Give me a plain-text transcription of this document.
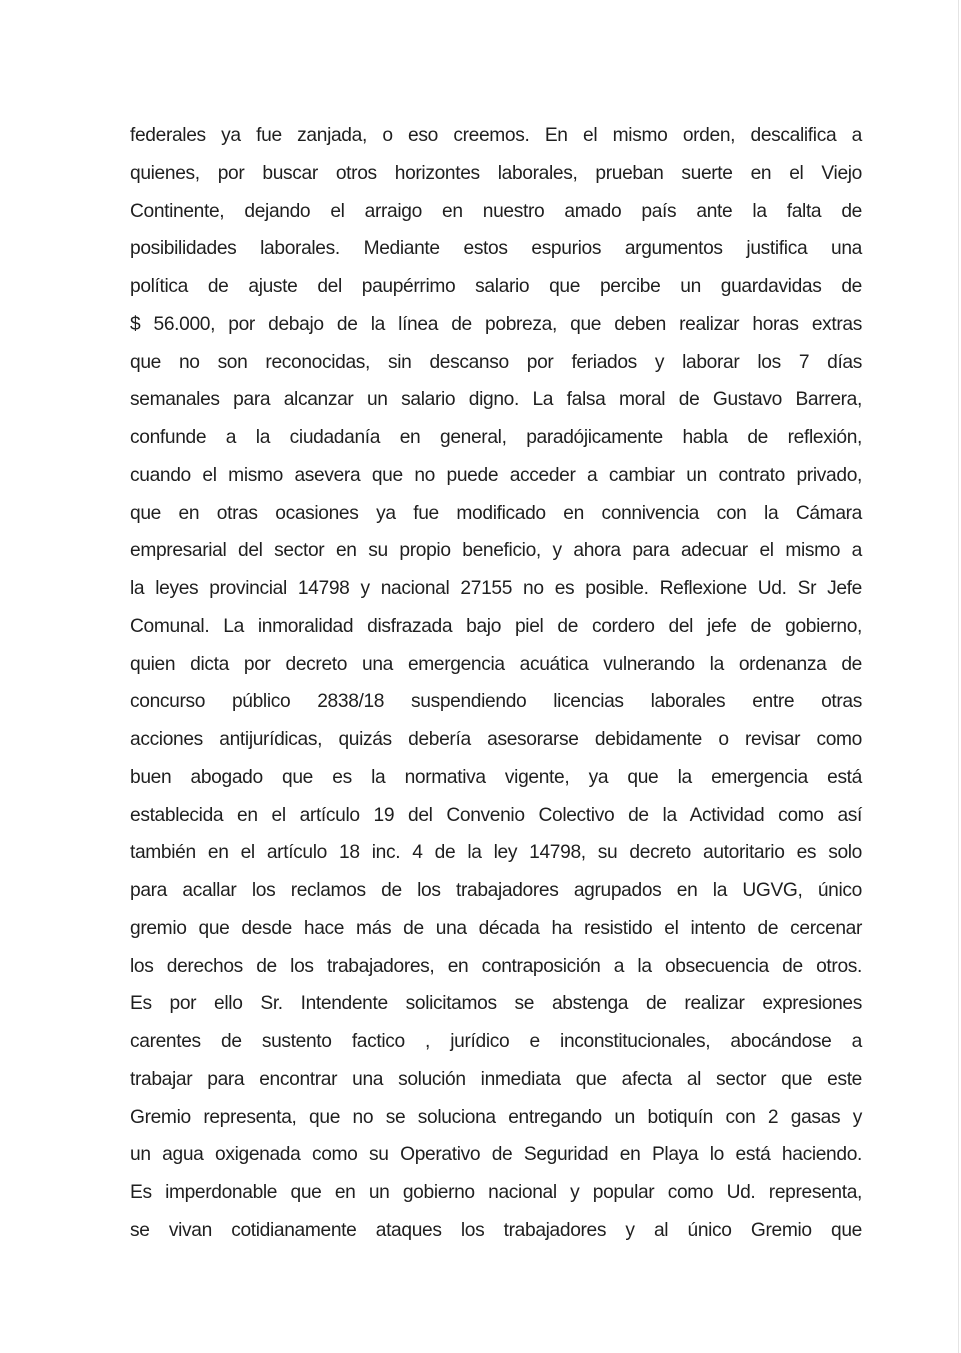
federales ya fue zanjada, o eso creemos. En el mismo orden, descalifica a
quienes, por buscar otros horizontes laborales, prueban suerte en el Viejo
Continente, dejando el arraigo en nuestro amado país ante la falta de
posibilidades laborales. Mediante estos espurios argumentos justifica una
política de ajuste del paupérrimo salario que percibe un guardavidas de
$ 56.000, por debajo de la línea de pobreza, que deben realizar horas extras
que no son reconocidas, sin descanso por feriados y laborar los 7 días
semanales para alcanzar un salario digno. La falsa moral de Gustavo Barrera,
confunde a la ciudadanía en general, paradójicamente habla de reflexión,
cuando el mismo asevera que no puede acceder a cambiar un contrato privado,
que en otras ocasiones ya fue modificado en connivencia con la Cámara
empresarial del sector en su propio beneficio, y ahora para adecuar el mismo a
la leyes provincial 14798 y nacional 27155 no es posible. Reflexione Ud. Sr Jefe
Comunal. La inmoralidad disfrazada bajo piel de cordero del jefe de gobierno,
quien dicta por decreto una emergencia acuática vulnerando la ordenanza de
concurso público 2838/18 suspendiendo licencias laborales entre otras
acciones antijurídicas, quizás debería asesorarse debidamente o revisar como
buen abogado que es la normativa vigente, ya que la emergencia está
establecida en el artículo 19 del Convenio Colectivo de la Actividad como así
también en el artículo 18 inc. 4 de la ley 14798, su decreto autoritario es solo
para acallar los reclamos de los trabajadores agrupados en la UGVG, único
gremio que desde hace más de una década ha resistido el intento de cercenar
los derechos de los trabajadores, en contraposición a la obsecuencia de otros.
Es por ello Sr. Intendente solicitamos se abstenga de realizar expresiones
carentes de sustento factico , jurídico e inconstitucionales, abocándose a
trabajar para encontrar una solución inmediata que afecta al sector que este
Gremio representa, que no se soluciona entregando un botiquín con 2 gasas y
un agua oxigenada como su Operativo de Seguridad en Playa lo está haciendo.
Es imperdonable que en un gobierno nacional y popular como Ud. representa,
se vivan cotidianamente ataques los trabajadores y al único Gremio que
